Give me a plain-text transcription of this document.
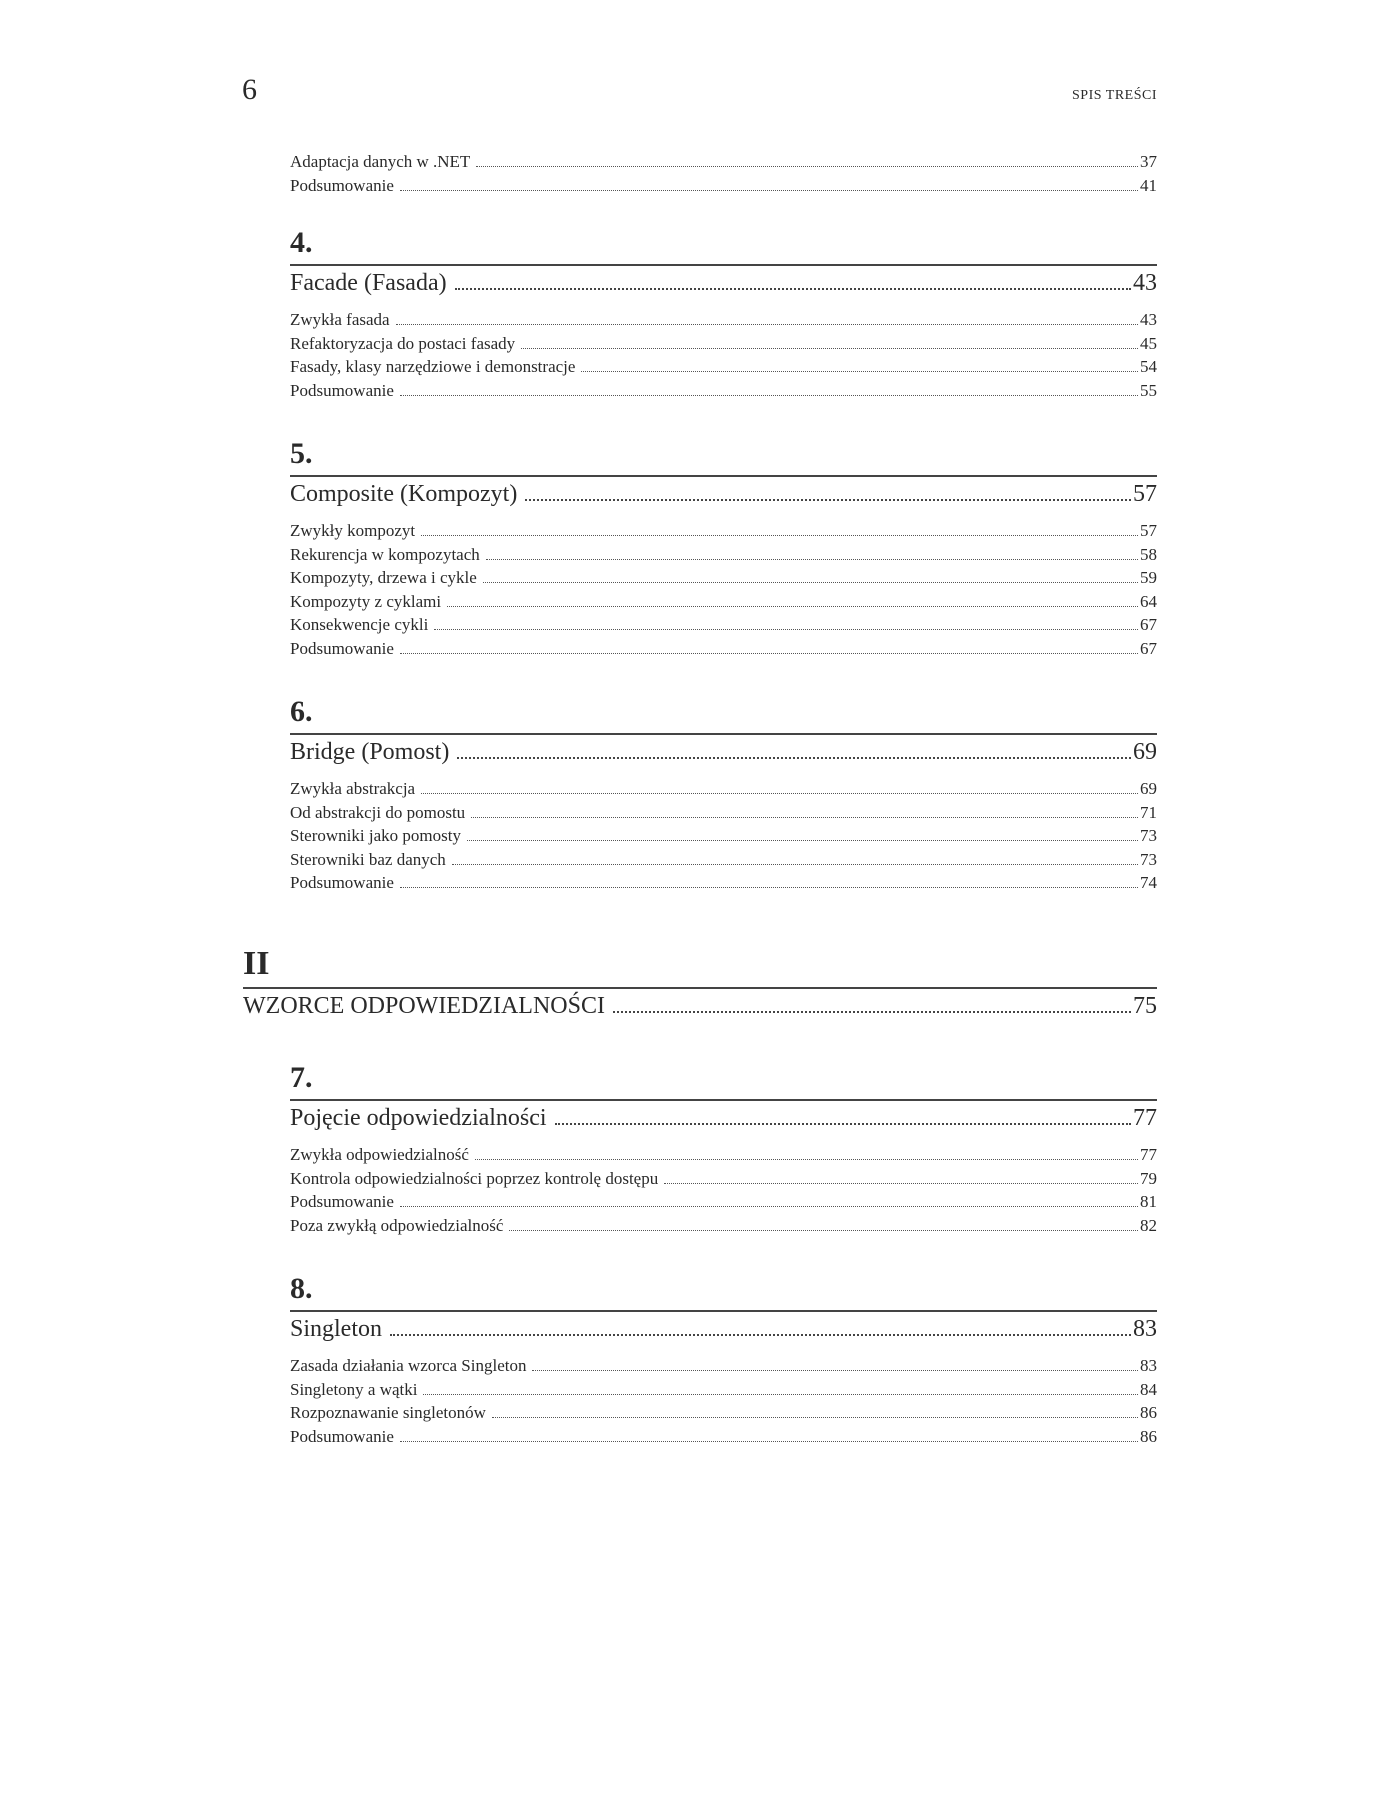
6	SPIS TREŚCI
Adaptacja danych w .NET	37
Podsumowanie	41
4.
Facade (Fasada)	43
Zwykła fasada	43
Refaktoryzacja do postaci fasady	45
Fasady, klasy narzędziowe i demonstracje	54
Podsumowanie	55
5.
Composite (Kompozyt)	57
Zwykły kompozyt	57
Rekurencja w kompozytach	58
Kompozyty, drzewa i cykle	59
Kompozyty z cyklami	64
Konsekwencje cykli	67
Podsumowanie	67
6.
Bridge (Pomost)	69
Zwykła abstrakcja	69
Od abstrakcji do pomostu	71
Sterowniki jako pomosty	73
Sterowniki baz danych	73
Podsumowanie	74
II
WZORCE ODPOWIEDZIALNOŚCI	75
7.
Pojęcie odpowiedzialności	77
Zwykła odpowiedzialność	77
Kontrola odpowiedzialności poprzez kontrolę dostępu	79
Podsumowanie	81
Poza zwykłą odpowiedzialność	82
8.
Singleton	83
Zasada działania wzorca Singleton	83
Singletony a wątki	84
Rozpoznawanie singletonów	86
Podsumowanie	86
